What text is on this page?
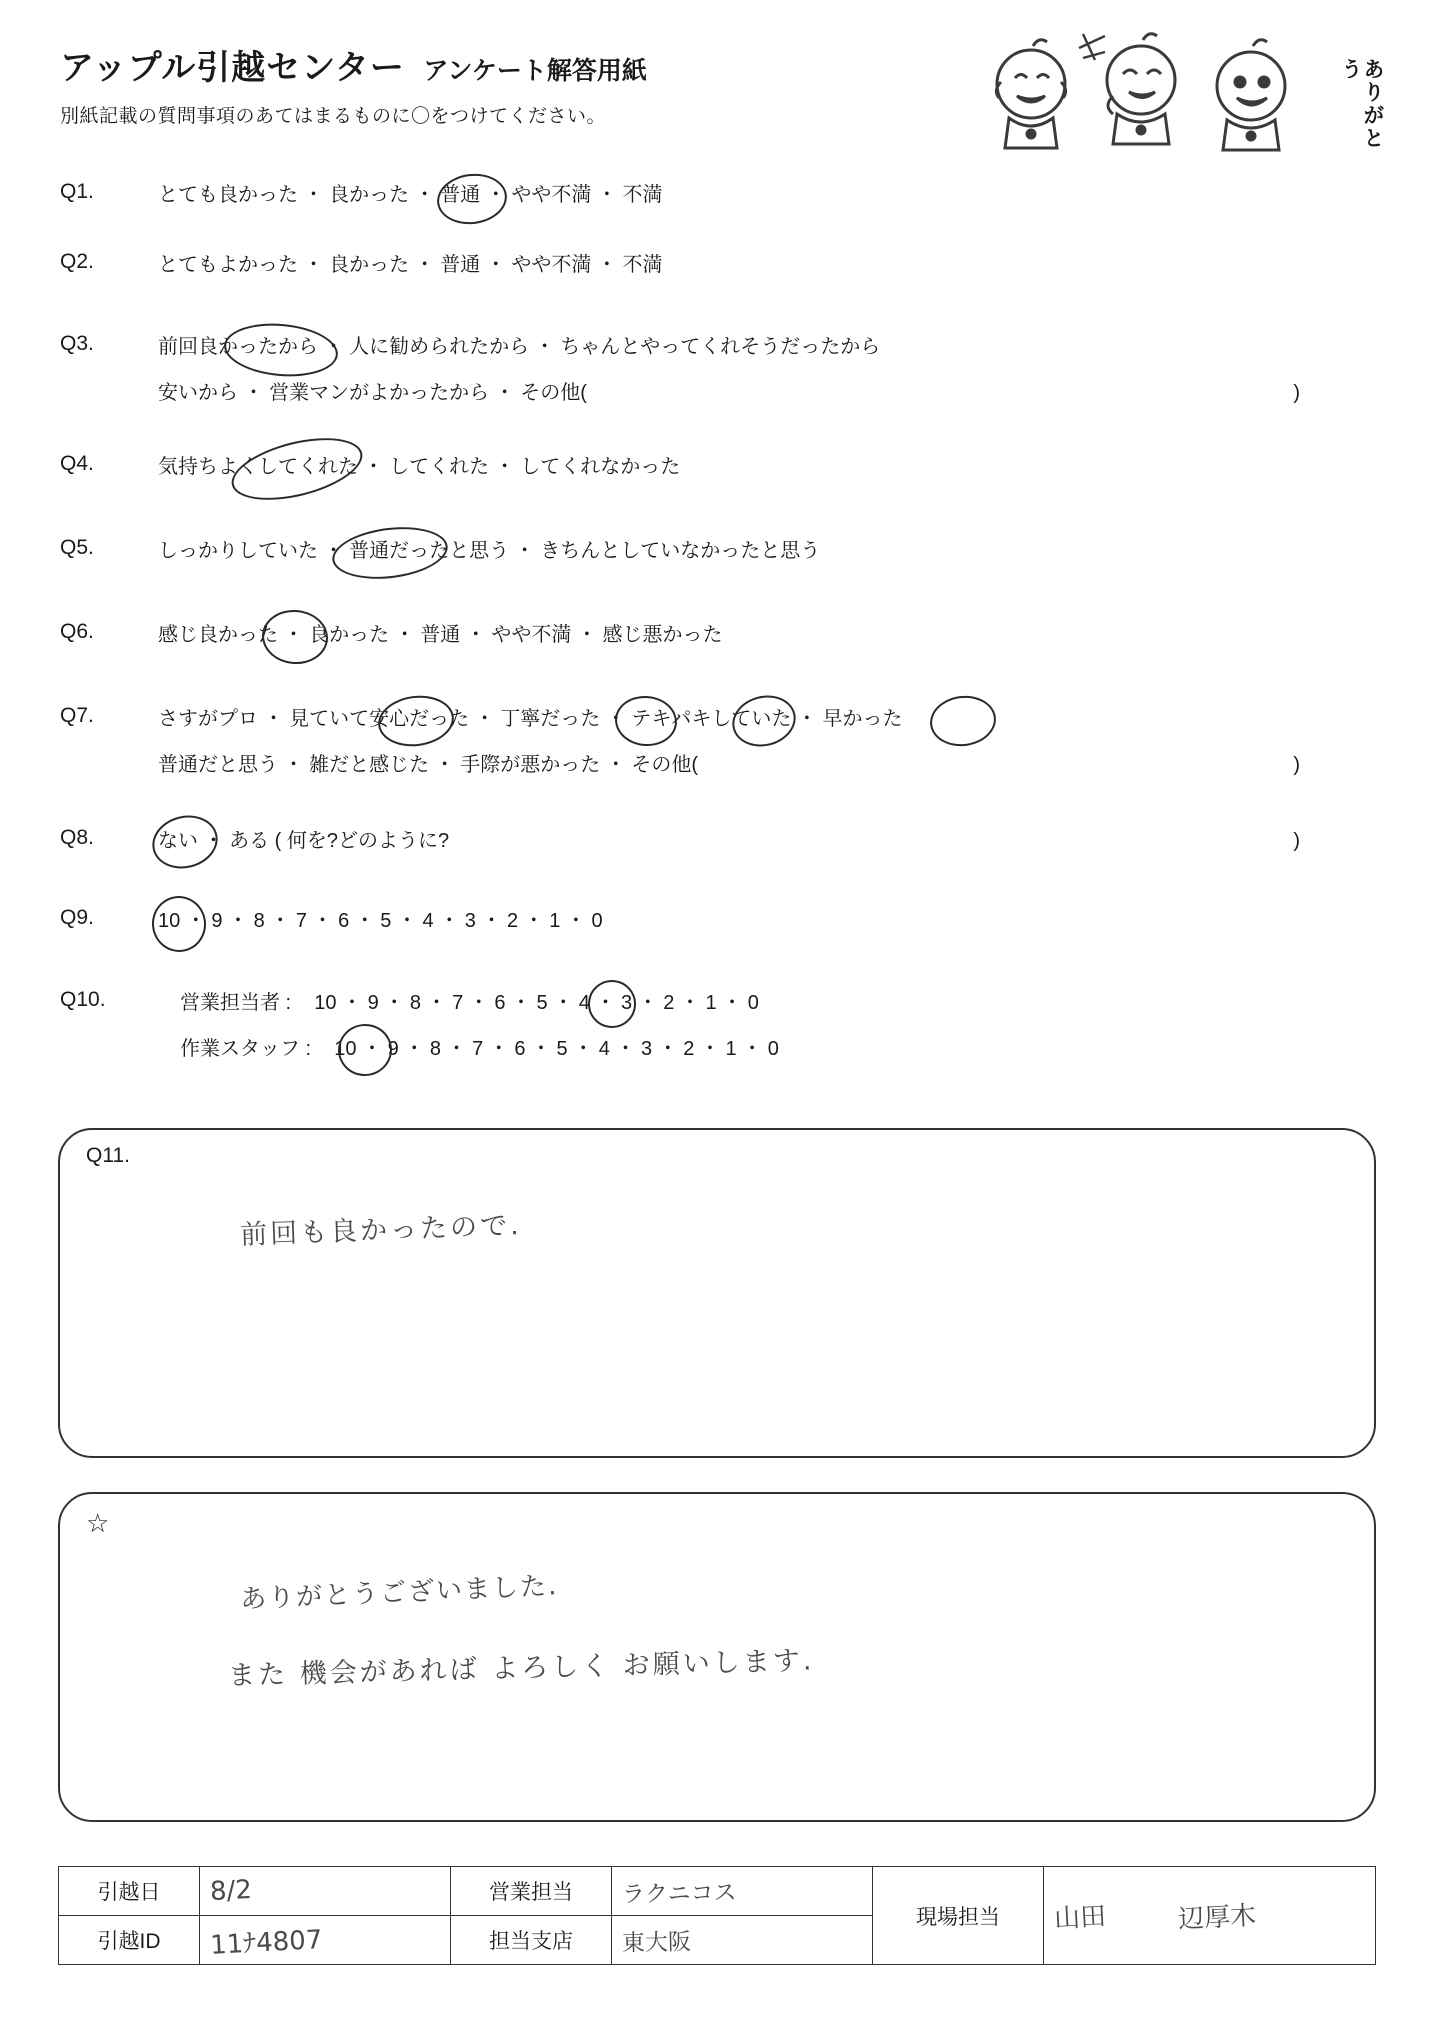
アップル引越センター アンケート解答用紙
別紙記載の質問事項のあてはまるものに〇をつけてください。	ありがとう
Q1.	とても良かった ・ 良かった ・ 普通 ・ やや不満 ・ 不満
Q2.	とてもよかった ・ 良かった ・ 普通 ・ やや不満 ・ 不満
Q3.	前回良かったから ・ 人に勧められたから ・ ちゃんとやってくれそうだったから
安いから ・ 営業マンがよかったから ・ その他(	)
Q4.	気持ちよくしてくれた ・ してくれた ・ してくれなかった
Q5.	しっかりしていた ・ 普通だったと思う ・ きちんとしていなかったと思う
Q6.	感じ良かった ・ 良かった ・ 普通 ・ やや不満 ・ 感じ悪かった
Q7.	さすがプロ ・ 見ていて安心だった ・ 丁寧だった ・ テキパキしていた ・ 早かった
普通だと思う ・ 雑だと感じた ・ 手際が悪かった ・ その他(	)
Q8.	ない ・ ある ( 何を?どのように?	)
Q9.	10 ・ 9 ・ 8 ・ 7 ・ 6 ・ 5 ・ 4 ・ 3 ・ 2 ・ 1 ・ 0
Q10.	営業担当者 : 10 ・ 9 ・ 8 ・ 7 ・ 6 ・ 5 ・ 4 ・ 3 ・ 2 ・ 1 ・ 0
作業スタッフ : 10 ・ 9 ・ 8 ・ 7 ・ 6 ・ 5 ・ 4 ・ 3 ・ 2 ・ 1 ・ 0
Q11.
前回も良かったので.
☆
ありがとうございました.
また 機会があれば よろしく お願いします.
引越日	8/2	営業担当	ラクニコス	現場担当	山田 辺厚木
引越ID	11ﾅ4807	担当支店	東大阪		
